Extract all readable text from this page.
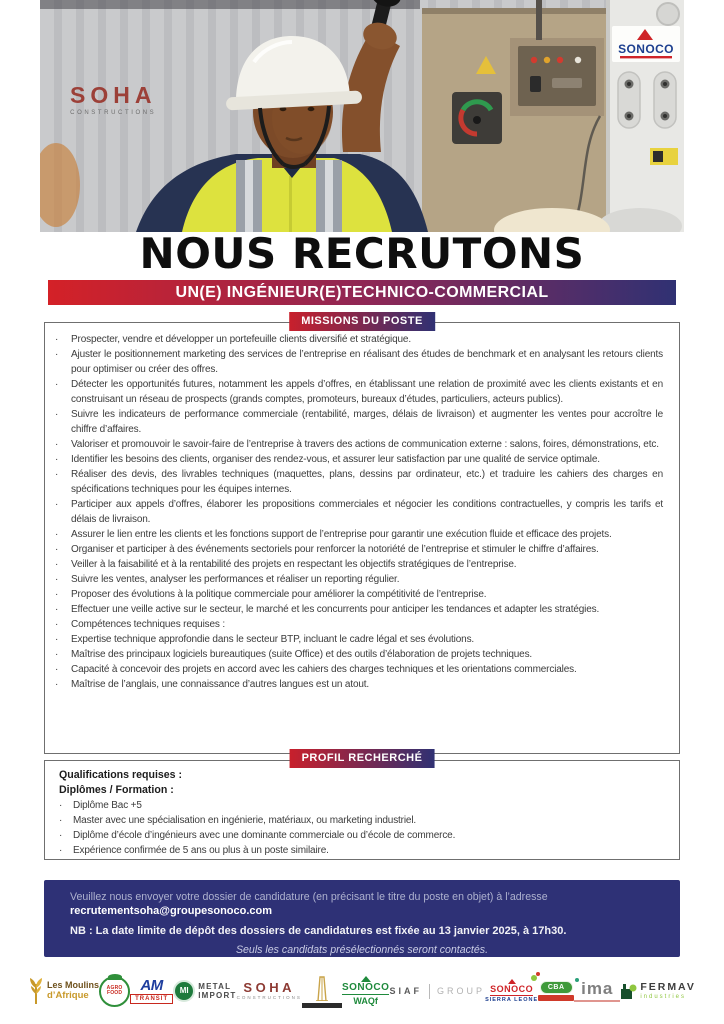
SONOCO
SOHA
CONSTRUCTIONS
NOUS RECRUTONS
UN(E) INGÉNIEUR(E)TECHNICO-COMMERCIAL
MISSIONS DU POSTE
· Prospecter, vendre et développer un portefeuille clients diversifié et stratégique.
· Ajuster le positionnement marketing des services de l’entreprise en réalisant des études de benchmark et en analysant les retours clients pour optimiser ou créer des offres.
· Détecter les opportunités futures, notamment les appels d’offres, en établissant une relation de proximité avec les clients existants et en construisant un réseau de prospects (grands comptes, promoteurs, bureaux d’études, particuliers, acteurs publics).
· Suivre les indicateurs de performance commerciale (rentabilité, marges, délais de livraison) et augmenter les ventes pour accroître le chiffre d’affaires.
· Valoriser et promouvoir le savoir-faire de l’entreprise à travers des actions de communication externe : salons, foires, démonstrations, etc.
· Identifier les besoins des clients, organiser des rendez-vous, et assurer leur satisfaction par une qualité de service optimale.
· Réaliser des devis, des livrables techniques (maquettes, plans, dessins par ordinateur, etc.) et traduire les cahiers des charges en spécifications techniques pour les équipes internes.
· Participer aux appels d’offres, élaborer les propositions commerciales et négocier les conditions contractuelles, y compris les tarifs et délais de livraison.
· Assurer le lien entre les clients et les fonctions support de l’entreprise pour garantir une exécution fluide et efficace des projets.
· Organiser et participer à des événements sectoriels pour renforcer la notoriété de l’entreprise et stimuler le chiffre d’affaires.
· Veiller à la faisabilité et à la rentabilité des projets en respectant les objectifs stratégiques de l’entreprise.
· Suivre les ventes, analyser les performances et réaliser un reporting régulier.
· Proposer des évolutions à la politique commerciale pour améliorer la compétitivité de l’entreprise.
· Effectuer une veille active sur le secteur, le marché et les concurrents pour anticiper les tendances et adapter les stratégies.
· Compétences techniques requises :
· Expertise technique approfondie dans le secteur BTP, incluant le cadre légal et ses évolutions.
· Maîtrise des principaux logiciels bureautiques (suite Office) et des outils d’élaboration de projets techniques.
· Capacité à concevoir des projets en accord avec les cahiers des charges techniques et les orientations commerciales.
· Maîtrise de l’anglais, une connaissance d’autres langues est un atout.
PROFIL RECHERCHÉ
Qualifications requises :
Diplômes / Formation :
· Diplôme Bac +5
· Master avec une spécialisation en ingénierie, matériaux, ou marketing industriel.
· Diplôme d’école d’ingénieurs avec une dominante commerciale ou d’école de commerce.
· Expérience confirmée de 5 ans ou plus à un poste similaire.
Veuillez nous envoyer votre dossier de candidature (en précisant le titre du poste en objet) à l’adresse
recrutementsoha@groupesonoco.com
NB : La date limite de dépôt des dossiers de candidatures est fixée au 13 janvier 2025, à 17h30.
Seuls les candidats présélectionnés seront contactés.
Les Moulins
d’Afrique
AGRO FOOD	AM
TRANSIT
MI	METAL
IMPORT
SOHA
CONSTRUCTIONS
SONOCO
WAQf
SIAF GROUP SONOCO
SIERRA LEONE
CBA ima	FERMAV
industries
